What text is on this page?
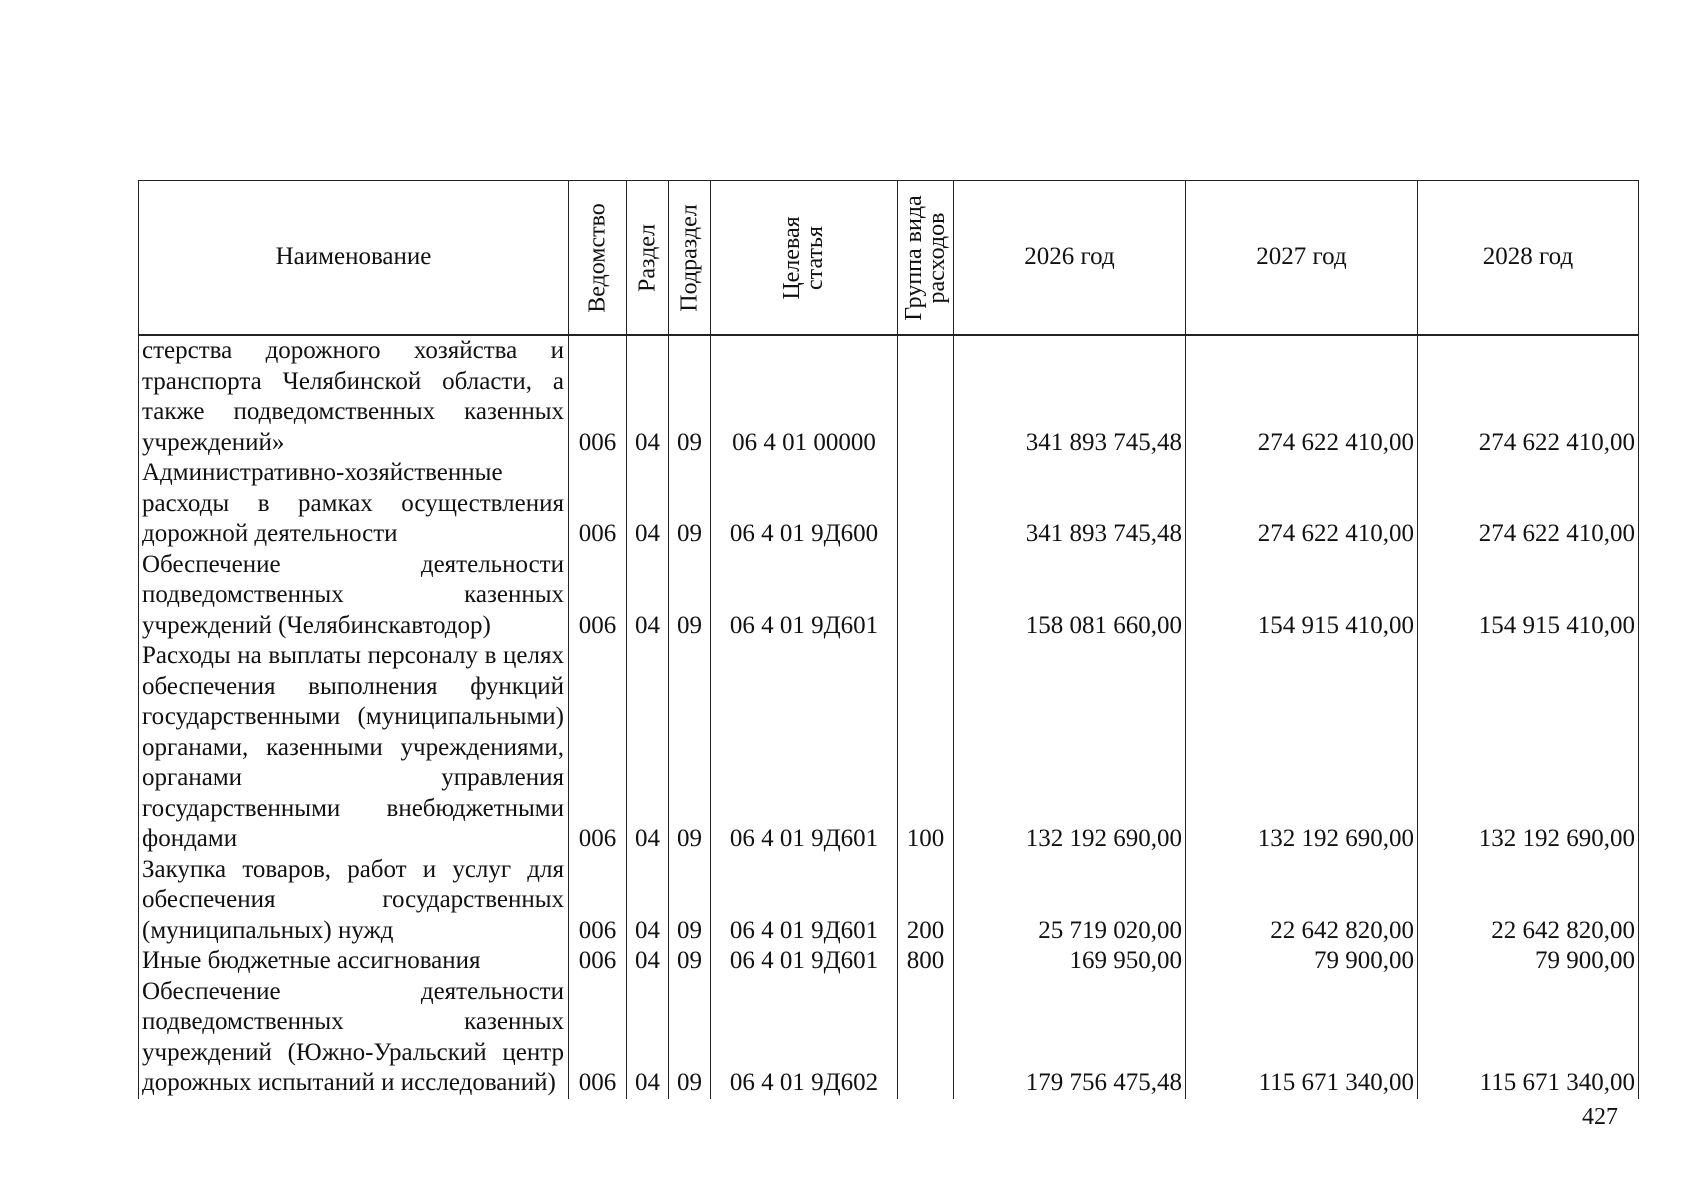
Наименование	Ведомство	Раздел	Подраздел	Целевая статья	Группа вида расходов	2026 год	2027 год	2028 год
стерства дорожного хозяйства и транспорта Челябинской области, а также подведомственных казенных учреждений»	006	04	09	06 4 01 00000		341 893 745,48	274 622 410,00	274 622 410,00
Административно-хозяйственные расходы в рамках осуществления дорожной деятельности	006	04	09	06 4 01 9Д600		341 893 745,48	274 622 410,00	274 622 410,00
Обеспечение деятельности подведомственных казенных учреждений (Челябинскавтодор)	006	04	09	06 4 01 9Д601		158 081 660,00	154 915 410,00	154 915 410,00
Расходы на выплаты персоналу в целях обеспечения выполнения функций государственными (муниципальными) органами, казенными учреждениями, органами управления государственными внебюджетными фондами	006	04	09	06 4 01 9Д601	100	132 192 690,00	132 192 690,00	132 192 690,00
Закупка товаров, работ и услуг для обеспечения государственных (муниципальных) нужд	006	04	09	06 4 01 9Д601	200	25 719 020,00	22 642 820,00	22 642 820,00
Иные бюджетные ассигнования	006	04	09	06 4 01 9Д601	800	169 950,00	79 900,00	79 900,00
Обеспечение деятельности подведомственных казенных учреждений (Южно-Уральский центр дорожных испытаний и исследований)	006	04	09	06 4 01 9Д602		179 756 475,48	115 671 340,00	115 671 340,00
427
